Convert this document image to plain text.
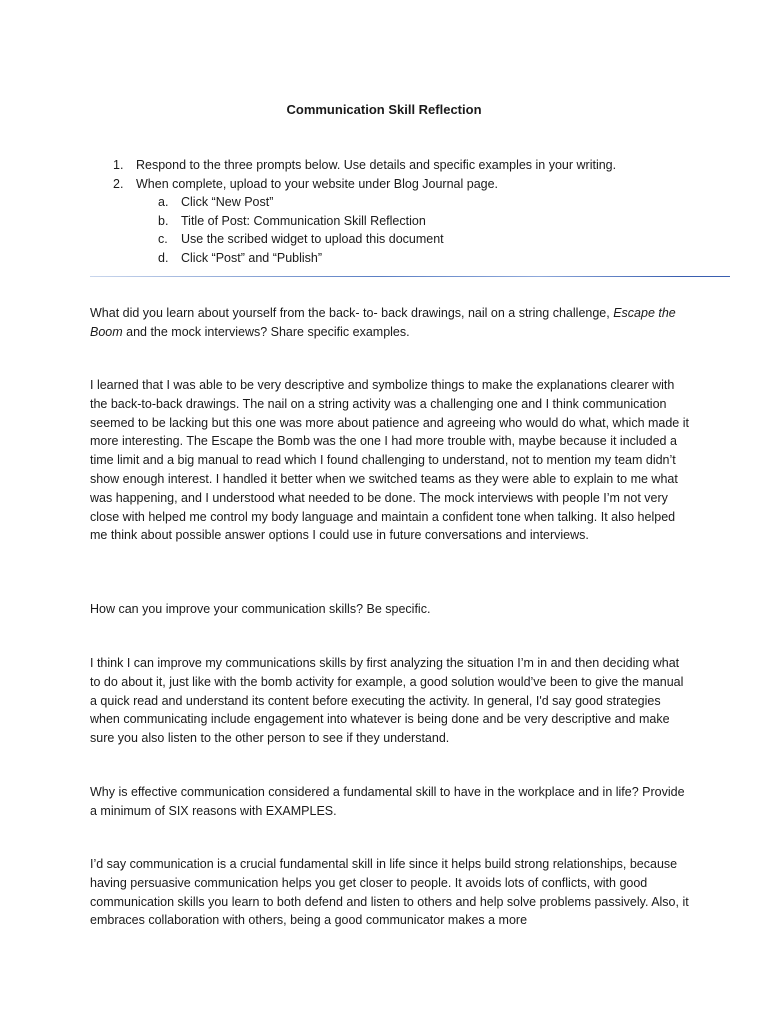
Communication Skill Reflection
1. Respond to the three prompts below. Use details and specific examples in your writing.
2. When complete, upload to your website under Blog Journal page.
a. Click “New Post”
b. Title of Post: Communication Skill Reflection
c. Use the scribed widget to upload this document
d. Click “Post” and “Publish”

What did you learn about yourself from the back- to- back drawings, nail on a string challenge, Escape the Boom and the mock interviews? Share specific examples.

I learned that I was able to be very descriptive and symbolize things to make the explanations clearer with the back-to-back drawings. The nail on a string activity was a challenging one and I think communication seemed to be lacking but this one was more about patience and agreeing who would do what, which made it more interesting. The Escape the Bomb was the one I had more trouble with, maybe because it included a time limit and a big manual to read which I found challenging to understand, not to mention my team didn’t show enough interest. I handled it better when we switched teams as they were able to explain to me what was happening, and I understood what needed to be done. The mock interviews with people I’m not very close with helped me control my body language and maintain a confident tone when talking. It also helped me think about possible answer options I could use in future conversations and interviews.

How can you improve your communication skills? Be specific.

I think I can improve my communications skills by first analyzing the situation I’m in and then deciding what to do about it, just like with the bomb activity for example, a good solution would’ve been to give the manual a quick read and understand its content before executing the activity. In general, I'd say good strategies when communicating include engagement into whatever is being done and be very descriptive and make sure you also listen to the other person to see if they understand.

Why is effective communication considered a fundamental skill to have in the workplace and in life? Provide a minimum of SIX reasons with EXAMPLES.

I’d say communication is a crucial fundamental skill in life since it helps build strong relationships, because having persuasive communication helps you get closer to people. It avoids lots of conflicts, with good communication skills you learn to both defend and listen to others and help solve problems passively. Also, it embraces collaboration with others, being a good communicator makes a more
